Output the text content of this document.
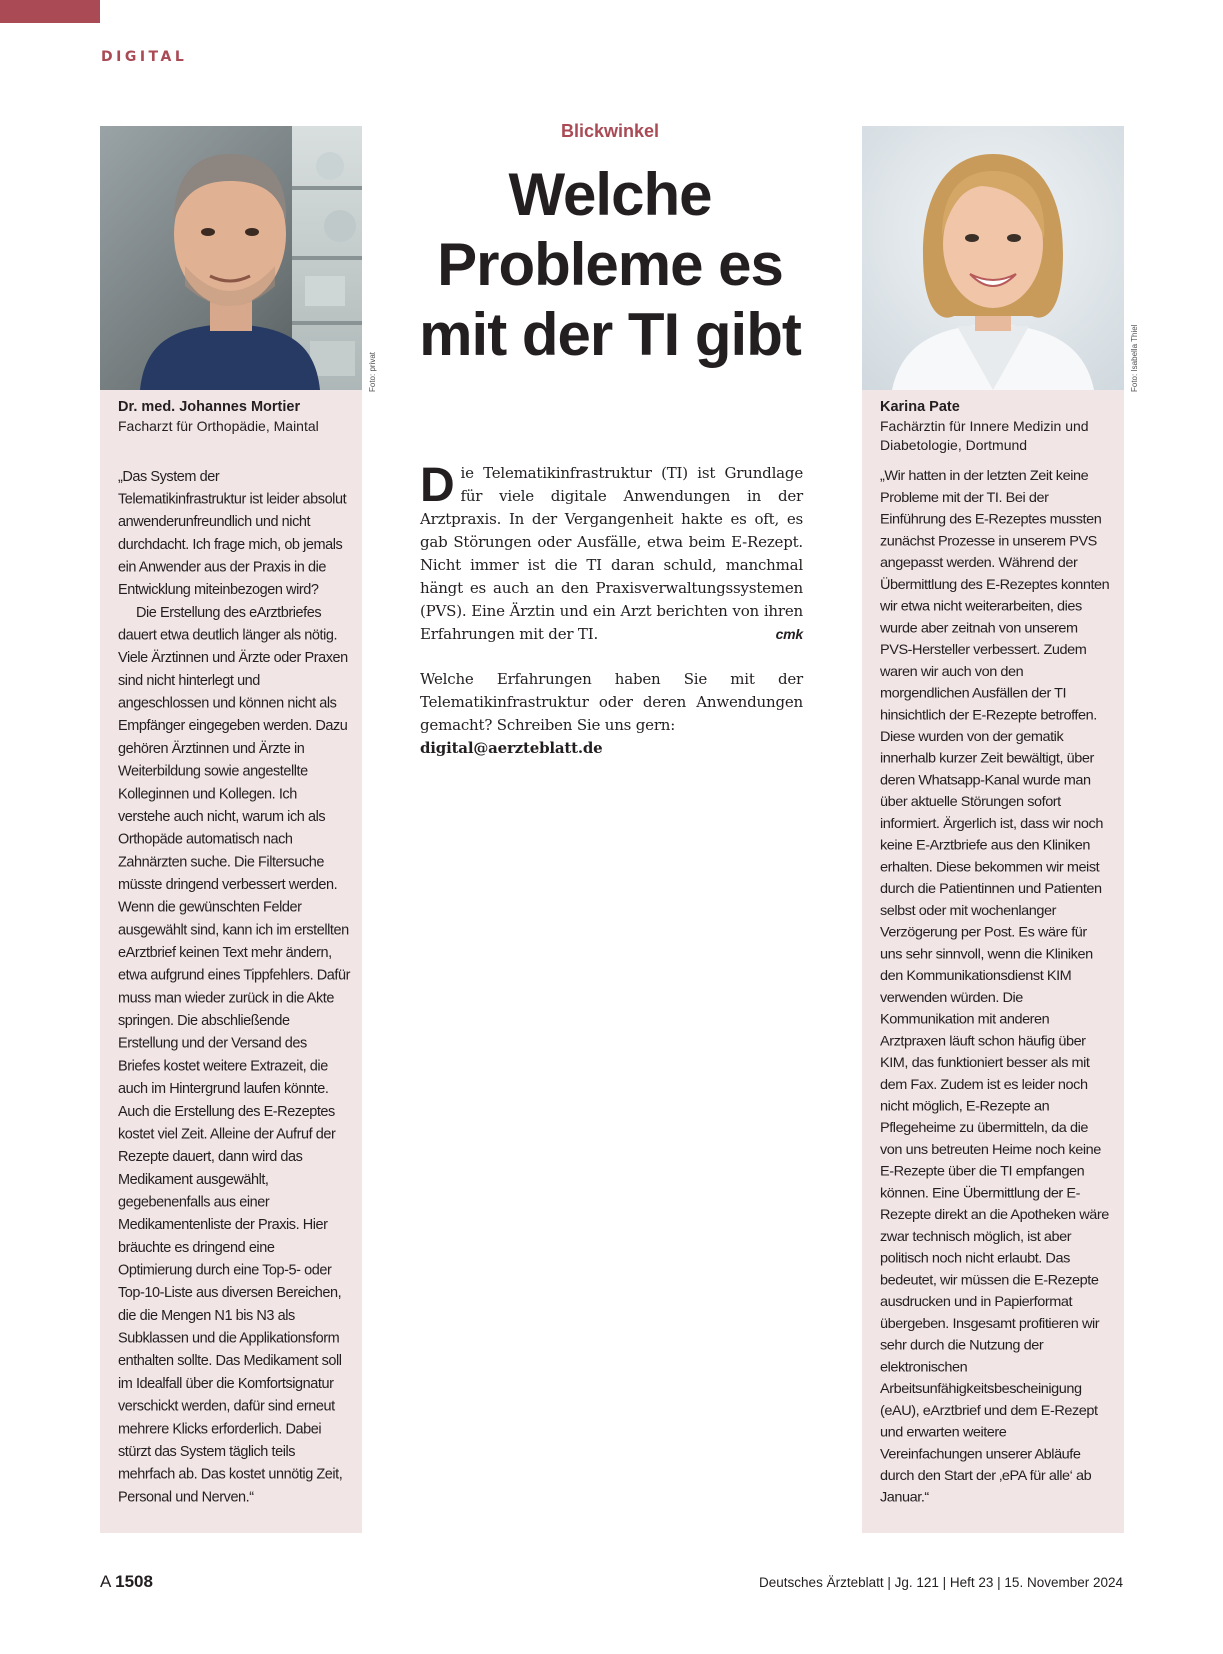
DIGITAL
Dr. med. Johannes Mortier
Facharzt für Orthopädie, Maintal

„Das System der Telematikinfrastruktur ist leider absolut anwenderunfreundlich und nicht durchdacht. Ich frage mich, ob jemals ein Anwender aus der Praxis in die Entwicklung miteinbezogen wird?

Die Erstellung des eArztbriefes dauert etwa deutlich länger als nötig. Viele Ärztinnen und Ärzte oder Praxen sind nicht hinterlegt und angeschlossen und können nicht als Empfänger eingegeben werden. Dazu gehören Ärztinnen und Ärzte in Weiterbildung sowie angestellte Kolleginnen und Kollegen. Ich verstehe auch nicht, warum ich als Orthopäde automatisch nach Zahnärzten suche. Die Filtersuche müsste dringend verbessert werden. Wenn die gewünschten Felder ausgewählt sind, kann ich im erstellten eArztbrief keinen Text mehr ändern, etwa aufgrund eines Tippfehlers. Dafür muss man wieder zurück in die Akte springen. Die abschließende Erstellung und der Versand des Briefes kostet weitere Extrazeit, die auch im Hintergrund laufen könnte. Auch die Erstellung des E-Rezeptes kostet viel Zeit. Alleine der Aufruf der Rezepte dauert, dann wird das Medikament ausgewählt, gegebenenfalls aus einer Medikamentenliste der Praxis. Hier bräuchte es dringend eine Optimierung durch eine Top-5- oder Top-10-Liste aus diversen Bereichen, die die Mengen N1 bis N3 als Subklassen und die Applikationsform enthalten sollte. Das Medikament soll im Idealfall über die Komfortsignatur verschickt werden, dafür sind erneut mehrere Klicks erforderlich. Dabei stürzt das System täglich teils mehrfach ab. Das kostet unnötig Zeit, Personal und Nerven.“

Foto: privat
Blickwinkel
Welche
Probleme es
mit der TI gibt
Die Telematikinfrastruktur (TI) ist Grundlage für viele digitale Anwendungen in der Arztpraxis. In der Vergangenheit hakte es oft, es gab Störungen oder Ausfälle, etwa beim E-Rezept. Nicht immer ist die TI daran schuld, manchmal hängt es auch an den Praxisverwaltungssystemen (PVS). Eine Ärztin und ein Arzt berichten von ihren Erfahrungen mit der TI.	cmk
Welche Erfahrungen haben Sie mit der Telematikinfrastruktur oder deren Anwendungen gemacht? Schreiben Sie uns gern:
digital@aerzteblatt.de
Karina Pate
Fachärztin für Innere Medizin und Diabetologie, Dortmund

„Wir hatten in der letzten Zeit keine Probleme mit der TI. Bei der Einführung des E-Rezeptes mussten zunächst Prozesse in unserem PVS angepasst werden. Während der Übermittlung des E-Rezeptes konnten wir etwa nicht weiterarbeiten, dies wurde aber zeitnah von unserem PVS-Hersteller verbessert. Zudem waren wir auch von den morgendlichen Ausfällen der TI hinsichtlich der E-Rezepte betroffen. Diese wurden von der gematik innerhalb kurzer Zeit bewältigt, über deren Whatsapp-Kanal wurde man über aktuelle Störungen sofort informiert. Ärgerlich ist, dass wir noch keine E-Arztbriefe aus den Kliniken erhalten. Diese bekommen wir meist durch die Patientinnen und Patienten selbst oder mit wochenlanger Verzögerung per Post. Es wäre für uns sehr sinnvoll, wenn die Kliniken den Kommunikationsdienst KIM verwenden würden. Die Kommunikation mit anderen Arztpraxen läuft schon häufig über KIM, das funktioniert besser als mit dem Fax. Zudem ist es leider noch nicht möglich, E-Rezepte an Pflegeheime zu übermitteln, da die von uns betreuten Heime noch keine E-Rezepte über die TI empfangen können. Eine Übermittlung der E-Rezepte direkt an die Apotheken wäre zwar technisch möglich, ist aber politisch noch nicht erlaubt. Das bedeutet, wir müssen die E-Rezepte ausdrucken und in Papierformat übergeben. Insgesamt profitieren wir sehr durch die Nutzung der elektronischen Arbeitsunfähigkeitsbescheinigung (eAU), eArztbrief und dem E-Rezept und erwarten weitere Vereinfachungen unserer Abläufe durch den Start der ‚ePA für alle‘ ab Januar.“

Foto: Isabella Thiel
A 1508	Deutsches Ärzteblatt | Jg. 121 | Heft 23 | 15. November 2024
